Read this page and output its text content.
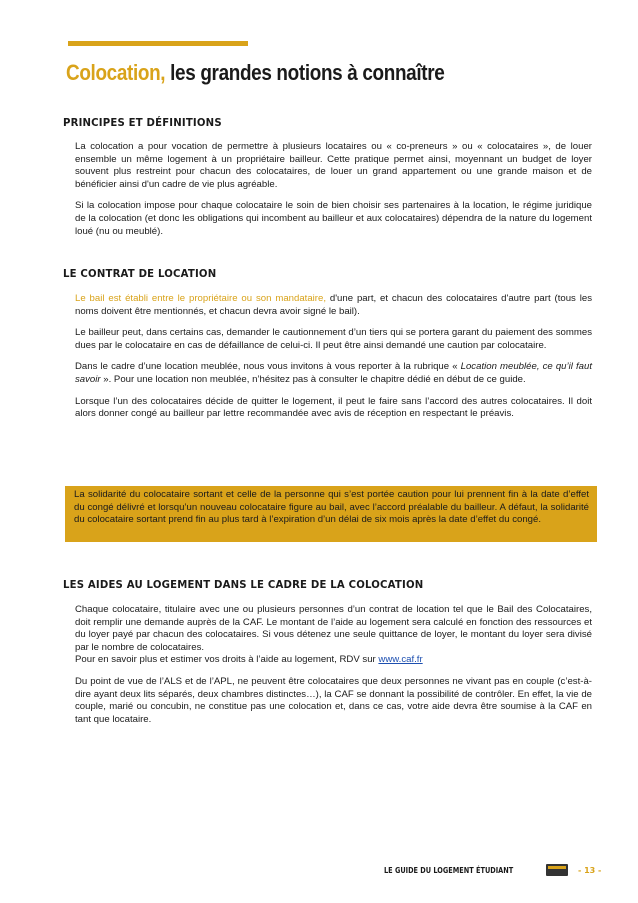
Colocation, les grandes notions à connaître
PRINCIPES ET DÉFINITIONS

La colocation a pour vocation de permettre à plusieurs locataires ou « co-preneurs » ou « colocataires », de louer ensemble un même logement à un propriétaire bailleur. Cette pratique permet ainsi, moyennant un budget de loyer souvent plus restreint pour chacun des colocataires, de louer un grand appartement ou une grande maison et de bénéficier ainsi d'un cadre de vie plus agréable.

Si la colocation impose pour chaque colocataire le soin de bien choisir ses partenaires à la location, le régime juridique de la colocation (et donc les obligations qui incombent au bailleur et aux colocataires) dépendra de la nature du logement loué (nu ou meublé).

LE CONTRAT DE LOCATION

Le bail est établi entre le propriétaire ou son mandataire, d'une part, et chacun des colocataires d'autre part (tous les noms doivent être mentionnés, et chacun devra avoir signé le bail).

Le bailleur peut, dans certains cas, demander le cautionnement d’un tiers qui se portera garant du paiement des sommes dues par le colocataire en cas de défaillance de celui-ci. Il peut être ainsi demandé une caution par colocataire.

Dans le cadre d’une location meublée, nous vous invitons à vous reporter à la rubrique « Location meublée, ce qu’il faut savoir ». Pour une location non meublée, n’hésitez pas à consulter le chapitre dédié en début de ce guide.

Lorsque l’un des colocataires décide de quitter le logement, il peut le faire sans l’accord des autres colocataires. Il doit alors donner congé au bailleur par lettre recommandée avec avis de réception en respectant le préavis.

La solidarité du colocataire sortant et celle de la personne qui s’est portée caution pour lui prennent fin à la date d’effet du congé délivré et lorsqu’un nouveau colocataire figure au bail, avec l’accord préalable du bailleur. A défaut, la solidarité du colocataire sortant prend fin au plus tard à l’expiration d’un délai de six mois après la date d’effet du congé.

LES AIDES AU LOGEMENT DANS LE CADRE DE LA COLOCATION

Chaque colocataire, titulaire avec une ou plusieurs personnes d’un contrat de location tel que le Bail des Colocataires, doit remplir une demande auprès de la CAF. Le montant de l’aide au logement sera calculé en fonction des ressources et du loyer payé par chacun des colocataires. Si vous détenez une seule quittance de loyer, le montant du loyer sera divisé par le nombre de colocataires.

Pour en savoir plus et estimer vos droits à l’aide au logement, RDV sur www.caf.fr

Du point de vue de l’ALS et de l’APL, ne peuvent être colocataires que deux personnes ne vivant pas en couple (c’est-à-dire ayant deux lits séparés, deux chambres distinctes…), la CAF se donnant la possibilité de contrôler. En effet, la vie de couple, marié ou concubin, ne constitue pas une colocation et, dans ce cas, votre aide devra être soumise à la CAF en tant que locataire.

LE GUIDE DU LOGEMENT ÉTUDIANT	- 13 -
